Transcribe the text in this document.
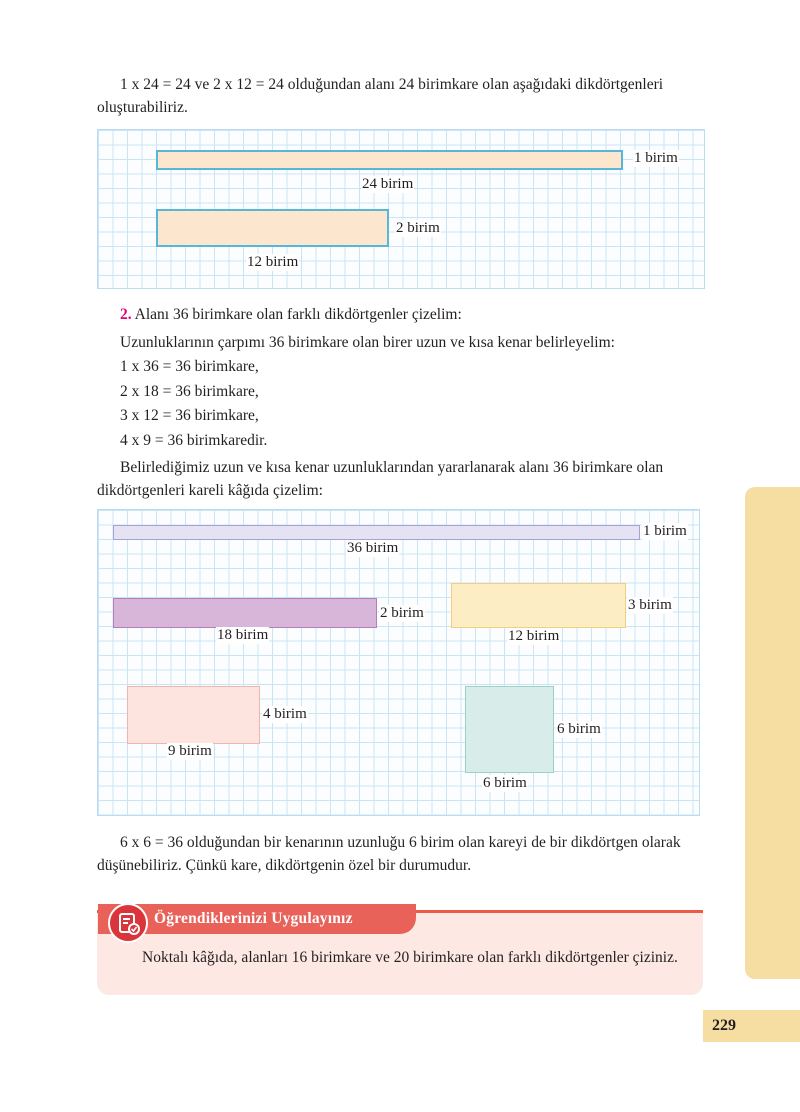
1 x 24 = 24 ve 2 x 12 = 24 olduğundan alanı 24 birimkare olan aşağıdaki dikdörtgenleri oluşturabiliriz.

1 birim
24 birim
2 birim
12 birim
2. Alanı 36 birimkare olan farklı dikdörtgenler çizelim:
Uzunluklarının çarpımı 36 birimkare olan birer uzun ve kısa kenar belirleyelim:
1 x 36 = 36 birimkare,
2 x 18 = 36 birimkare,
3 x 12 = 36 birimkare,
4 x 9 = 36 birimkaredir.

Belirlediğimiz uzun ve kısa kenar uzunluklarından yararlanarak alanı 36 birimkare olan dikdörtgenleri kareli kâğıda çizelim:

1 birim
36 birim
2 birim
18 birim
3 birim
12 birim
4 birim
9 birim
6 birim
6 birim

6 x 6 = 36 olduğundan bir kenarının uzunluğu 6 birim olan kareyi de bir dikdörtgen olarak düşünebiliriz. Çünkü kare, dikdörtgenin özel bir durumudur.

Öğrendiklerinizi Uygulayınız

Noktalı kâğıda, alanları 16 birimkare ve 20 birimkare olan farklı dikdörtgenler çiziniz.

229
